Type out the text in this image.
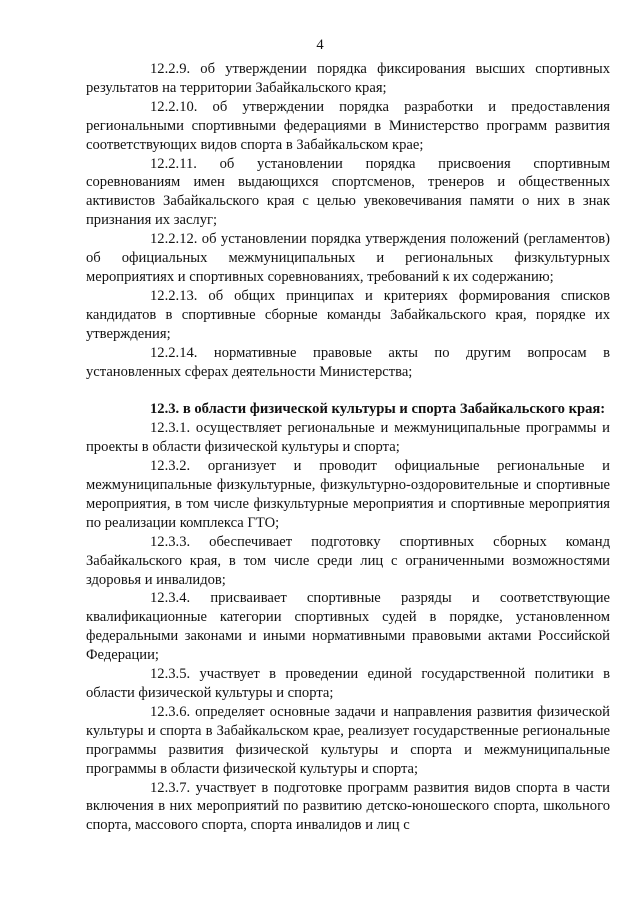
4

12.2.9. об утверждении порядка фиксирования высших спортивных результатов на территории Забайкальского края;

12.2.10. об утверждении порядка разработки и предоставления региональными спортивными федерациями в Министерство программ развития соответствующих видов спорта в Забайкальском крае;

12.2.11. об установлении порядка присвоения спортивным соревнованиям имен выдающихся спортсменов, тренеров и общественных активистов Забайкальского края с целью увековечивания памяти о них в знак признания их заслуг;

12.2.12. об установлении порядка утверждения положений (регламентов) об официальных межмуниципальных и региональных физкультурных мероприятиях и спортивных соревнованиях, требований к их содержанию;

12.2.13. об общих принципах и критериях формирования списков кандидатов в спортивные сборные команды Забайкальского края, порядке их утверждения;

12.2.14. нормативные правовые акты по другим вопросам в установленных сферах деятельности Министерства;

12.3. в области физической культуры и спорта Забайкальского края:

12.3.1. осуществляет региональные и межмуниципальные программы и проекты в области физической культуры и спорта;

12.3.2. организует и проводит официальные региональные и межмуниципальные физкультурные, физкультурно-оздоровительные и спортивные мероприятия, в том числе физкультурные мероприятия и спортивные мероприятия по реализации комплекса ГТО;

12.3.3. обеспечивает подготовку спортивных сборных команд Забайкальского края, в том числе среди лиц с ограниченными возможностями здоровья и инвалидов;

12.3.4. присваивает спортивные разряды и соответствующие квалификационные категории спортивных судей в порядке, установленном федеральными законами и иными нормативными правовыми актами Российской Федерации;

12.3.5. участвует в проведении единой государственной политики в области физической культуры и спорта;

12.3.6. определяет основные задачи и направления развития физической культуры и спорта в Забайкальском крае, реализует государственные региональные программы развития физической культуры и спорта и межмуниципальные программы в области физической культуры и спорта;

12.3.7. участвует в подготовке программ развития видов спорта в части включения в них мероприятий по развитию детско-юношеского спорта, школьного спорта, массового спорта, спорта инвалидов и лиц с
